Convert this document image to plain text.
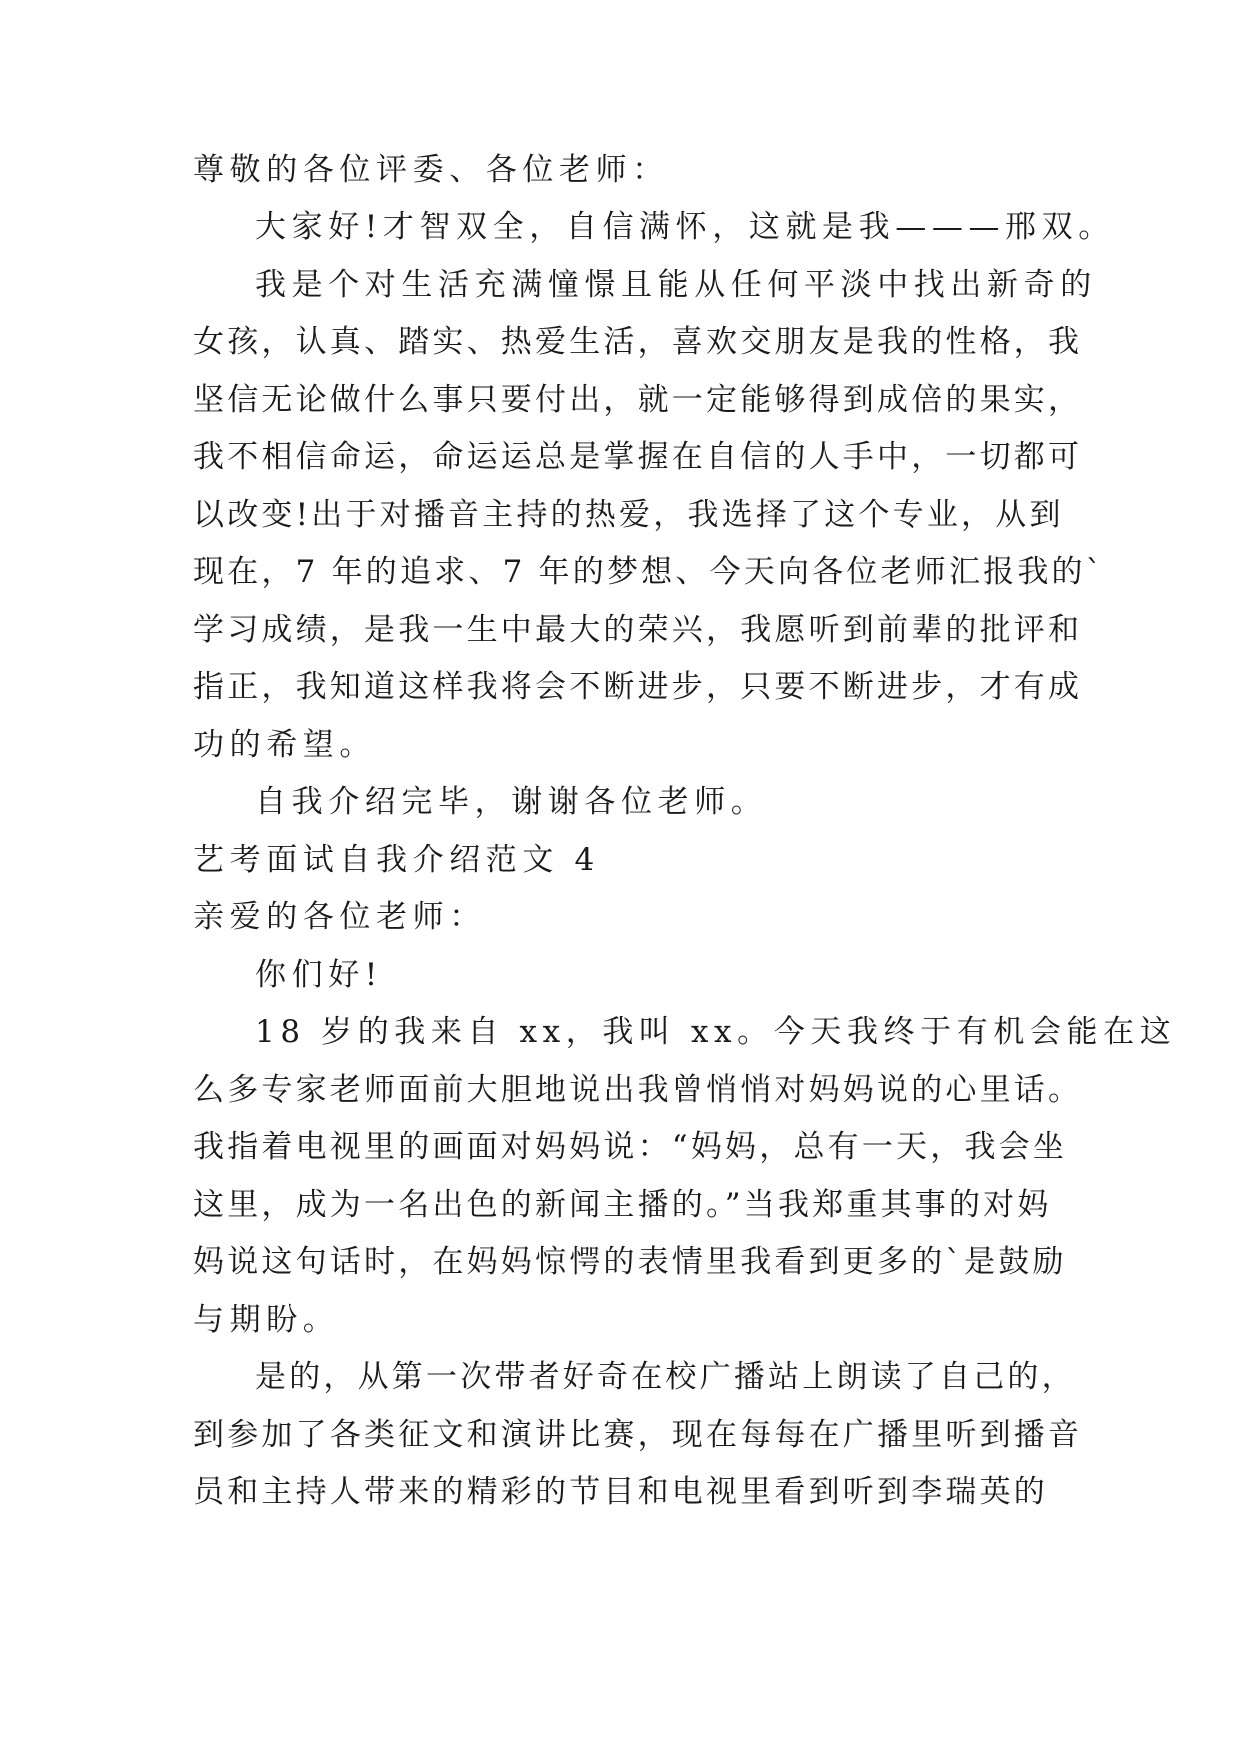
尊敬的各位评委、各位老师：
大家好!才智双全，自信满怀，这就是我———邢双。
我是个对生活充满憧憬且能从任何平淡中找出新奇的
女孩，认真、踏实、热爱生活，喜欢交朋友是我的性格，我
坚信无论做什么事只要付出，就一定能够得到成倍的果实，
我不相信命运，命运运总是掌握在自信的人手中，一切都可
以改变!出于对播音主持的热爱，我选择了这个专业，从到
现在，7 年的追求、7 年的梦想、今天向各位老师汇报我的`
学习成绩，是我一生中最大的荣兴，我愿听到前辈的批评和
指正，我知道这样我将会不断进步，只要不断进步，才有成
功的希望。
自我介绍完毕，谢谢各位老师。
艺考面试自我介绍范文 4
亲爱的各位老师：
你们好!
18 岁的我来自 xx，我叫 xx。今天我终于有机会能在这
么多专家老师面前大胆地说出我曾悄悄对妈妈说的心里话。
我指着电视里的画面对妈妈说：“妈妈，总有一天，我会坐
这里，成为一名出色的新闻主播的。”当我郑重其事的对妈
妈说这句话时，在妈妈惊愕的表情里我看到更多的`是鼓励
与期盼。
是的，从第一次带者好奇在校广播站上朗读了自己的，
到参加了各类征文和演讲比赛，现在每每在广播里听到播音
员和主持人带来的精彩的节目和电视里看到听到李瑞英的
